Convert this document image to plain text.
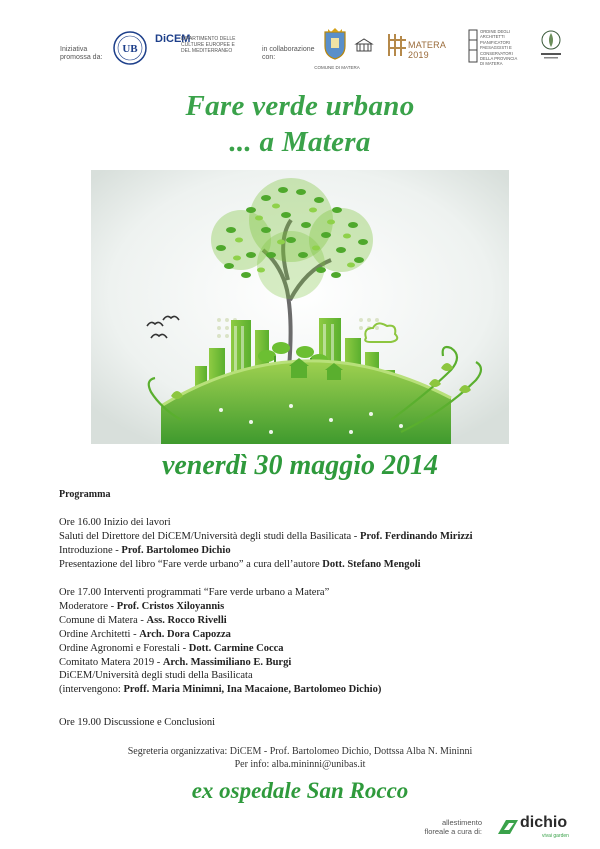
Iniziativa promossa da:
UB
DiCEM
DIPARTIMENTO DELLE CULTURE EUROPEE E DEL MEDITERRANEO	in collaborazione con:
COMUNE DI MATERA
MATERA 2019
ORDINE DEGLI ARCHITETTI PIANIFICATORI PAESAGGISTI E CONSERVATORI DELLA PROVINCIA DI MATERA
Fare verde urbano
... a Matera
venerdì 30 maggio 2014
Programma
Ore 16.00 Inizio dei lavori
Saluti del Direttore del DiCEM/Università degli studi della Basilicata - Prof. Ferdinando Mirizzi
Introduzione - Prof. Bartolomeo Dichio
Presentazione del libro “Fare verde urbano” a cura dell’autore Dott. Stefano Mengoli
Ore 17.00 Interventi programmati “Fare verde urbano a Matera”
Moderatore - Prof. Cristos Xiloyannis
Comune di Matera - Ass. Rocco Rivelli
Ordine Architetti - Arch. Dora Capozza
Ordine Agronomi e Forestali - Dott. Carmine Cocca
Comitato Matera 2019 - Arch. Massimiliano E. Burgi
DiCEM/Università degli studi della Basilicata
(intervengono: Proff. Maria Minimni, Ina Macaione, Bartolomeo Dichio)
Ore 19.00 Discussione e Conclusioni
Segreteria organizzativa: DiCEM - Prof. Bartolomeo Dichio, Dottssa Alba N. Mininni
Per info: alba.mininni@unibas.it
ex ospedale San Rocco
allestimento floreale a cura di:
dichio
vivai garden
